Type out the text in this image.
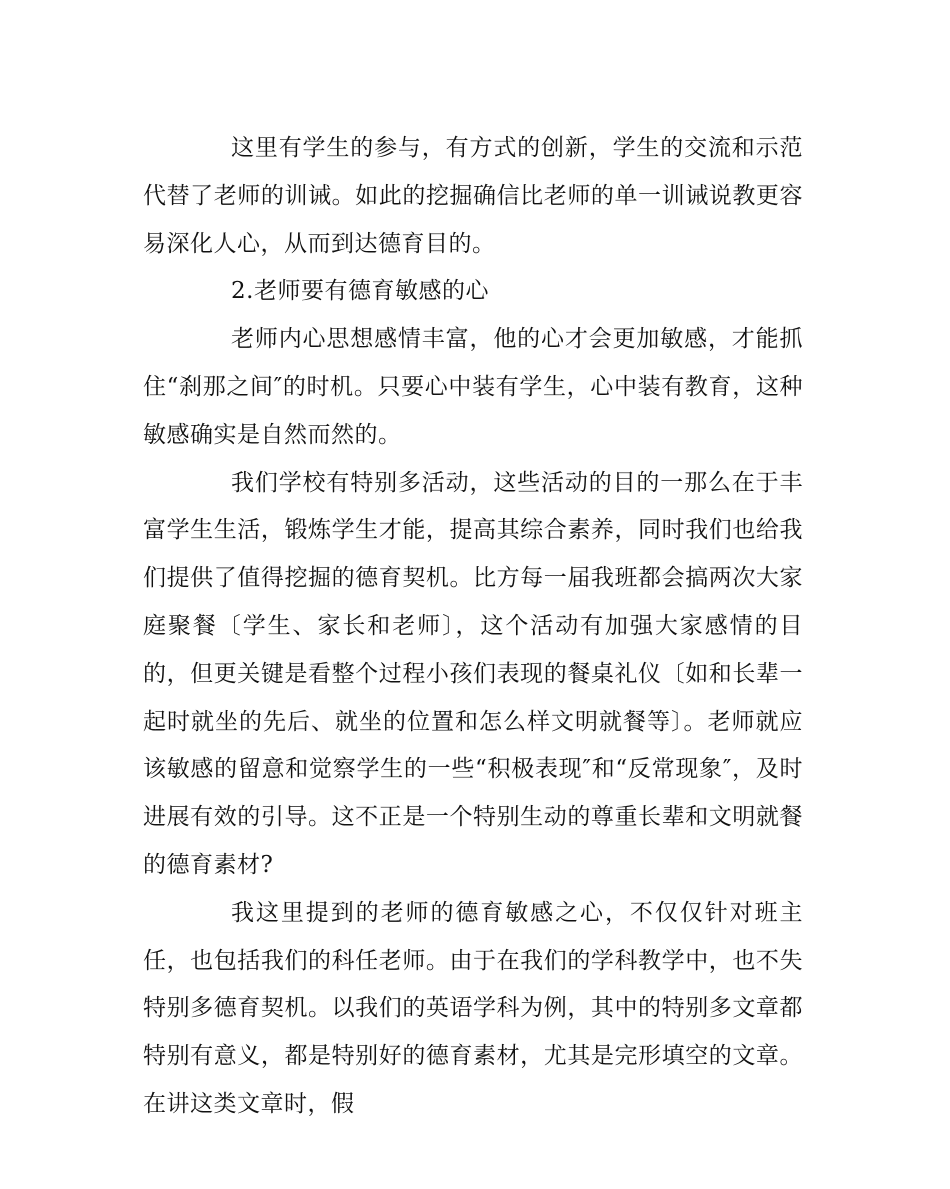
这里有学生的参与，有方式的创新，学生的交流和示范代替了老师的训诫。如此的挖掘确信比老师的单一训诫说教更容易深化人心，从而到达德育目的。

2.老师要有德育敏感的心

老师内心思想感情丰富，他的心才会更加敏感，才能抓住“刹那之间″的时机。只要心中装有学生，心中装有教育，这种敏感确实是自然而然的。

我们学校有特别多活动，这些活动的目的一那么在于丰富学生生活，锻炼学生才能，提高其综合素养，同时我们也给我们提供了值得挖掘的德育契机。比方每一届我班都会搞两次大家庭聚餐〔学生、家长和老师〕，这个活动有加强大家感情的目的，但更关键是看整个过程小孩们表现的餐桌礼仪〔如和长辈一起时就坐的先后、就坐的位置和怎么样文明就餐等〕。老师就应该敏感的留意和觉察学生的一些“积极表现″和“反常现象″，及时进展有效的引导。这不正是一个特别生动的尊重长辈和文明就餐的德育素材?

我这里提到的老师的德育敏感之心，不仅仅针对班主任，也包括我们的科任老师。由于在我们的学科教学中，也不失特别多德育契机。以我们的英语学科为例，其中的特别多文章都特别有意义，都是特别好的德育素材，尤其是完形填空的文章。在讲这类文章时，假
